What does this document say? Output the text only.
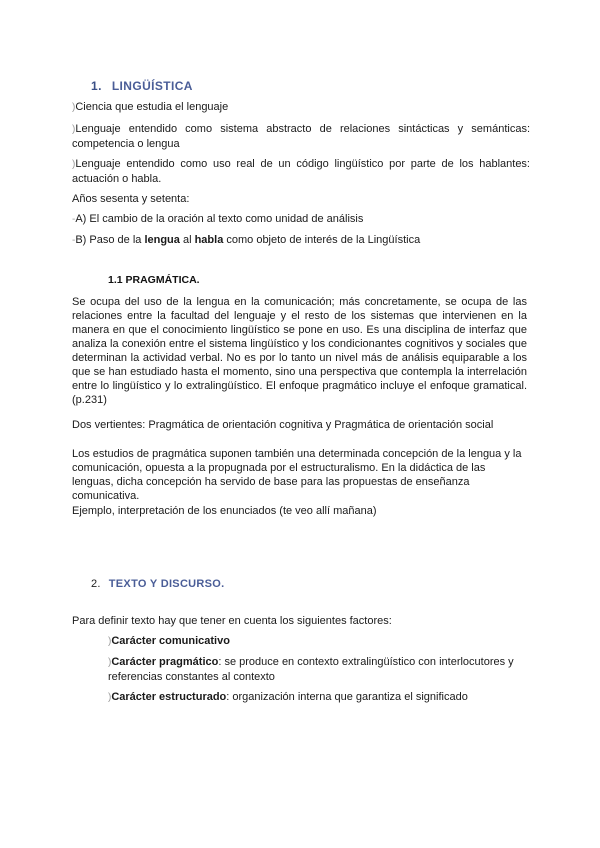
1. LINGÜÍSTICA
)Ciencia que estudia el lenguaje
)Lenguaje entendido como sistema abstracto de relaciones sintácticas y semánticas: competencia o lengua
)Lenguaje entendido como uso real de un código lingüístico por parte de los hablantes: actuación o habla.
Años sesenta y setenta:
-A) El cambio de la oración al texto como unidad de análisis
-B) Paso de la lengua al habla como objeto de interés de la Lingüística
1.1 PRAGMÁTICA.
Se ocupa del uso de la lengua en la comunicación; más concretamente, se ocupa de las relaciones entre la facultad del lenguaje y el resto de los sistemas que intervienen en la manera en que el conocimiento lingüístico se pone en uso. Es una disciplina de interfaz que analiza la conexión entre el sistema lingüístico y los condicionantes cognitivos y sociales que determinan la actividad verbal. No es por lo tanto un nivel más de análisis equiparable a los que se han estudiado hasta el momento, sino una perspectiva que contempla la interrelación entre lo lingüístico y lo extralingüístico. El enfoque pragmático incluye el enfoque gramatical. (p.231)
Dos vertientes: Pragmática de orientación cognitiva y Pragmática de orientación social
Los estudios de pragmática suponen también una determinada concepción de la lengua y la comunicación, opuesta a la propugnada por el estructuralismo. En la didáctica de las lenguas, dicha concepción ha servido de base para las propuestas de enseñanza comunicativa.
Ejemplo, interpretación de los enunciados (te veo allí mañana)
2. TEXTO Y DISCURSO.
Para definir texto hay que tener en cuenta los siguientes factores:
)Carácter comunicativo
)Carácter pragmático: se produce en contexto extralingüístico con interlocutores y referencias constantes al contexto
)Carácter estructurado: organización interna que garantiza el significado
